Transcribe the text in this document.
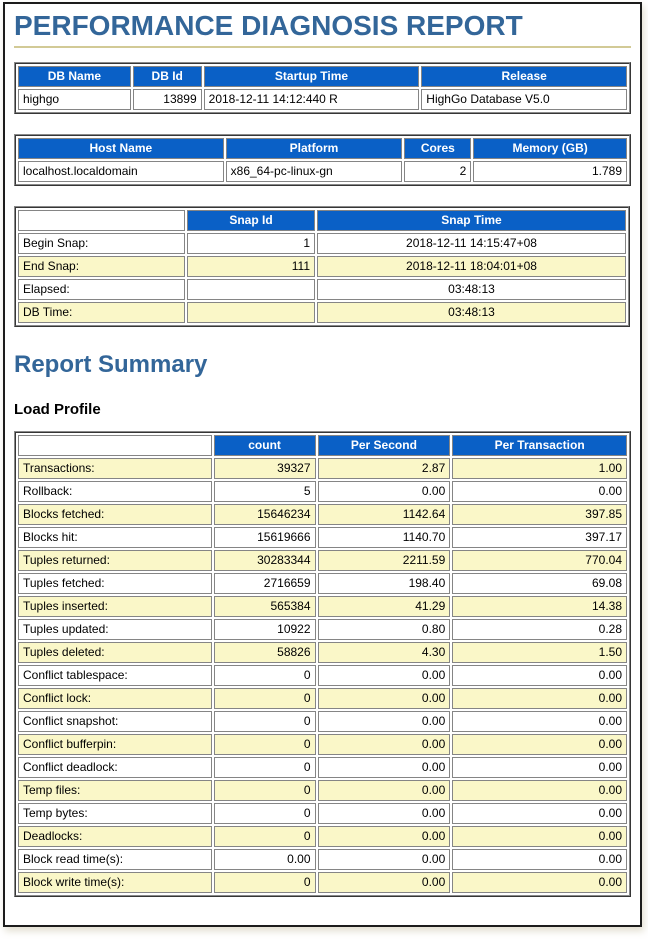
PERFORMANCE DIAGNOSIS REPORT
DB Name	DB Id	Startup Time	Release
highgo	13899	2018-12-11 14:12:440 R	HighGo Database V5.0
Host Name	Platform	Cores	Memory (GB)
localhost.localdomain	x86_64-pc-linux-gn	2	1.789
	Snap Id	Snap Time
Begin Snap:	1	2018-12-11 14:15:47+08
End Snap:	111	2018-12-11 18:04:01+08
Elapsed:		03:48:13
DB Time:		03:48:13
Report Summary
Load Profile
	count	Per Second	Per Transaction
Transactions:	39327	2.87	1.00
Rollback:	5	0.00	0.00
Blocks fetched:	15646234	1142.64	397.85
Blocks hit:	15619666	1140.70	397.17
Tuples returned:	30283344	2211.59	770.04
Tuples fetched:	2716659	198.40	69.08
Tuples inserted:	565384	41.29	14.38
Tuples updated:	10922	0.80	0.28
Tuples deleted:	58826	4.30	1.50
Conflict tablespace:	0	0.00	0.00
Conflict lock:	0	0.00	0.00
Conflict snapshot:	0	0.00	0.00
Conflict bufferpin:	0	0.00	0.00
Conflict deadlock:	0	0.00	0.00
Temp files:	0	0.00	0.00
Temp bytes:	0	0.00	0.00
Deadlocks:	0	0.00	0.00
Block read time(s):	0.00	0.00	0.00
Block write time(s):	0	0.00	0.00
